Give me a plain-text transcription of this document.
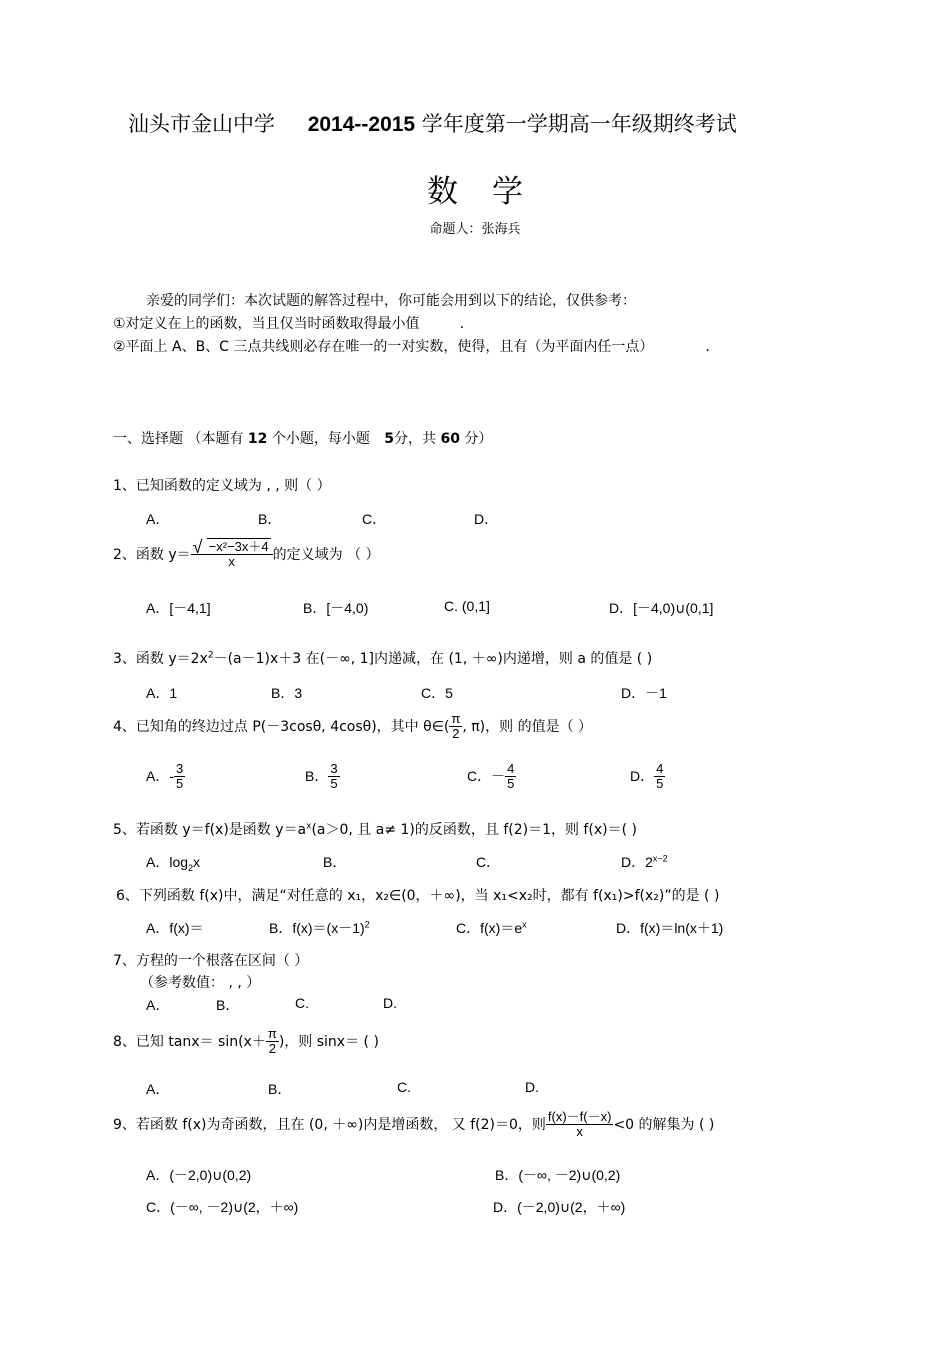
汕头市金山中学 2014--2015 学年度第一学期高一年级期终考试
数学
命题人：张海兵
亲爱的同学们：本次试题的解答过程中，你可能会用到以下的结论，仅供参考：
①对定义在上的函数，当且仅当时函数取得最小值	.
②平面上 A、B、C 三点共线则必存在唯一的一对实数，使得，且有（为平面内任一点）	.
一、选择题 （本题有 12 个小题，每小题 5分，共 60 分）
1、已知函数的定义域为 , , 则（ ）
A．	B．	C．	D．
2、函数 $y= \frac{\text{√ −x²−3x＋4}}{x}$ 的定义域为 （ ）
A．[－4,1]	B．[－4,0)	C. (0,1]	D．[－4,0)∪(0,1]
3、函数 $y=2x^2-(a-1)x+3$ 在(－∞, 1]内递减，在 (1, ＋∞)内递增，则 a 的值是 ( )
A．1	B．3	C．5	D．－1
4、已知角的终边过点 P(－3cosθ, 4cosθ)，其中 θ∈( $\frac{\pi}{2}$ , π)，则 的值是（ ）
A．- $\frac{3}{5}$	B． $\frac{3}{5}$	C．－ $\frac{4}{5}$	D． $\frac{4}{5}$
5、若函数 y＝f(x)是函数 $y=a^x(a>0$, 且 a≠ 1)的反函数，且 f(2)＝1，则 f(x)＝( )
A．$\log_2x$	B．	C．	D．$2^{x-2}$
6、下列函数 f(x)中，满足“对任意的 x₁，x₂∈(0，＋∞)，当 x₁<x₂时，都有 f(x₁)>f(x₂)”的是 ( )
A．f(x)＝	B．$f(x)=(x-1)^2$	C．$f(x)=e^x$	D．f(x)＝ln(x＋1)
7、方程的一个根落在区间（ ）
（参考数值： , , ）
A．	B．	C.	D.
8、已知 $\tan x= \sin(x+ \frac{\pi}{2}$ )，则 sinx＝ ( )
A．	B．	C.	D.
9、若函数 f(x)为奇函数，且在 (0, ＋∞)内是增函数， 又 f(2)＝0，则 $\frac{f(x)-f(-x)}{x} <0$ 的解集为 ( )
A．(－2,0)∪(0,2)	B．(－∞, －2)∪(0,2)
C．(－∞, －2)∪(2，＋∞)	D．(－2,0)∪(2，＋∞)
